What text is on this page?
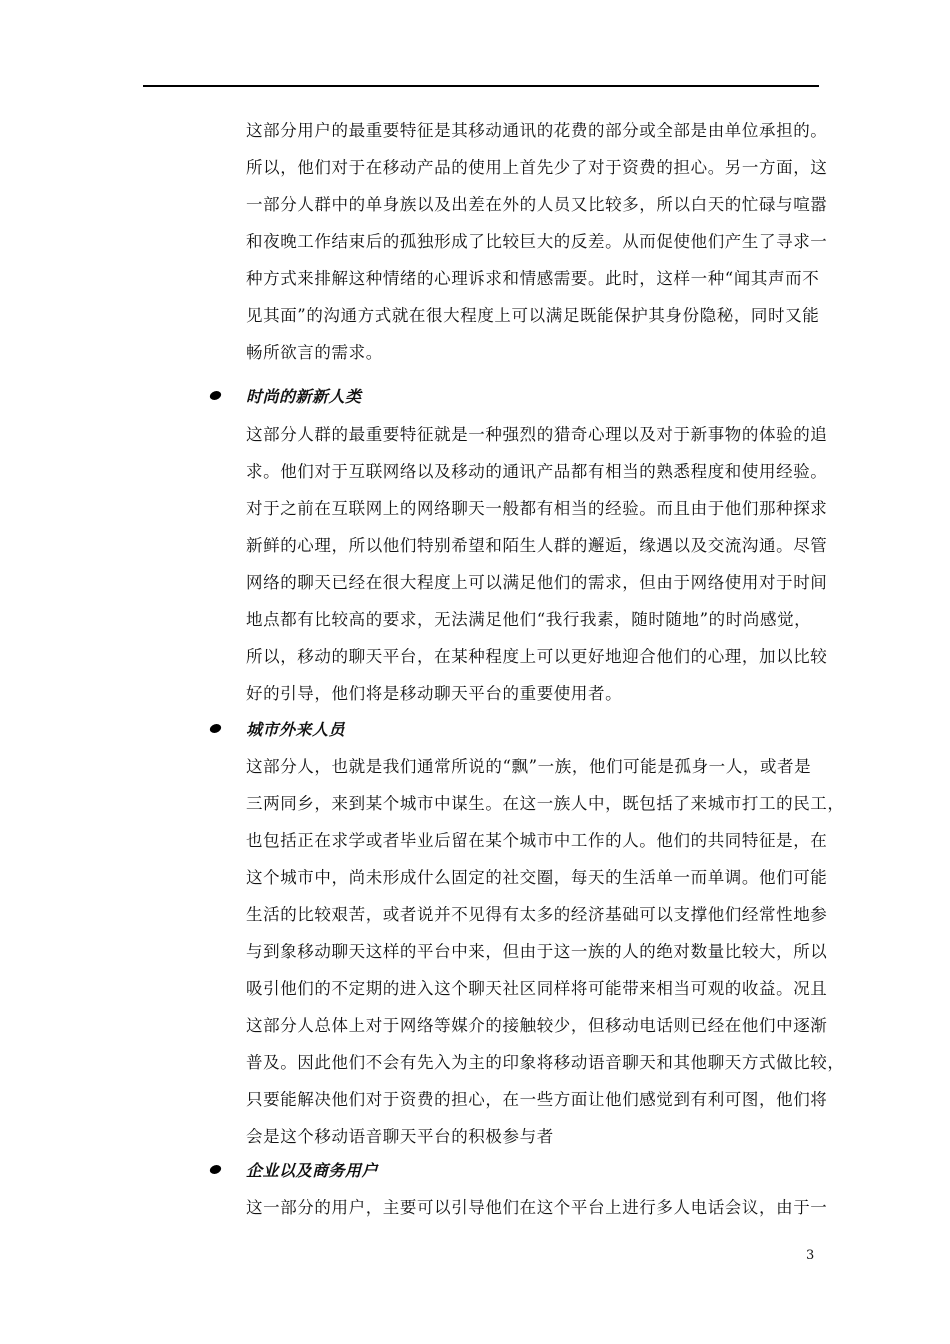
这部分用户的最重要特征是其移动通讯的花费的部分或全部是由单位承担的。
所以，他们对于在移动产品的使用上首先少了对于资费的担心。另一方面，这
一部分人群中的单身族以及出差在外的人员又比较多，所以白天的忙碌与喧嚣
和夜晚工作结束后的孤独形成了比较巨大的反差。从而促使他们产生了寻求一
种方式来排解这种情绪的心理诉求和情感需要。此时，这样一种“闻其声而不
见其面”的沟通方式就在很大程度上可以满足既能保护其身份隐秘，同时又能
畅所欲言的需求。
时尚的新新人类
这部分人群的最重要特征就是一种强烈的猎奇心理以及对于新事物的体验的追
求。他们对于互联网络以及移动的通讯产品都有相当的熟悉程度和使用经验。
对于之前在互联网上的网络聊天一般都有相当的经验。而且由于他们那种探求
新鲜的心理，所以他们特别希望和陌生人群的邂逅，缘遇以及交流沟通。尽管
网络的聊天已经在很大程度上可以满足他们的需求，但由于网络使用对于时间
地点都有比较高的要求，无法满足他们“我行我素，随时随地”的时尚感觉，
所以，移动的聊天平台，在某种程度上可以更好地迎合他们的心理，加以比较
好的引导，他们将是移动聊天平台的重要使用者。
城市外来人员
这部分人，也就是我们通常所说的“飘”一族，他们可能是孤身一人，或者是
三两同乡，来到某个城市中谋生。在这一族人中，既包括了来城市打工的民工，
也包括正在求学或者毕业后留在某个城市中工作的人。他们的共同特征是，在
这个城市中，尚未形成什么固定的社交圈，每天的生活单一而单调。他们可能
生活的比较艰苦，或者说并不见得有太多的经济基础可以支撑他们经常性地参
与到象移动聊天这样的平台中来，但由于这一族的人的绝对数量比较大，所以
吸引他们的不定期的进入这个聊天社区同样将可能带来相当可观的收益。况且
这部分人总体上对于网络等媒介的接触较少，但移动电话则已经在他们中逐渐
普及。因此他们不会有先入为主的印象将移动语音聊天和其他聊天方式做比较，
只要能解决他们对于资费的担心，在一些方面让他们感觉到有利可图，他们将
会是这个移动语音聊天平台的积极参与者
企业以及商务用户
这一部分的用户，主要可以引导他们在这个平台上进行多人电话会议，由于一
3
